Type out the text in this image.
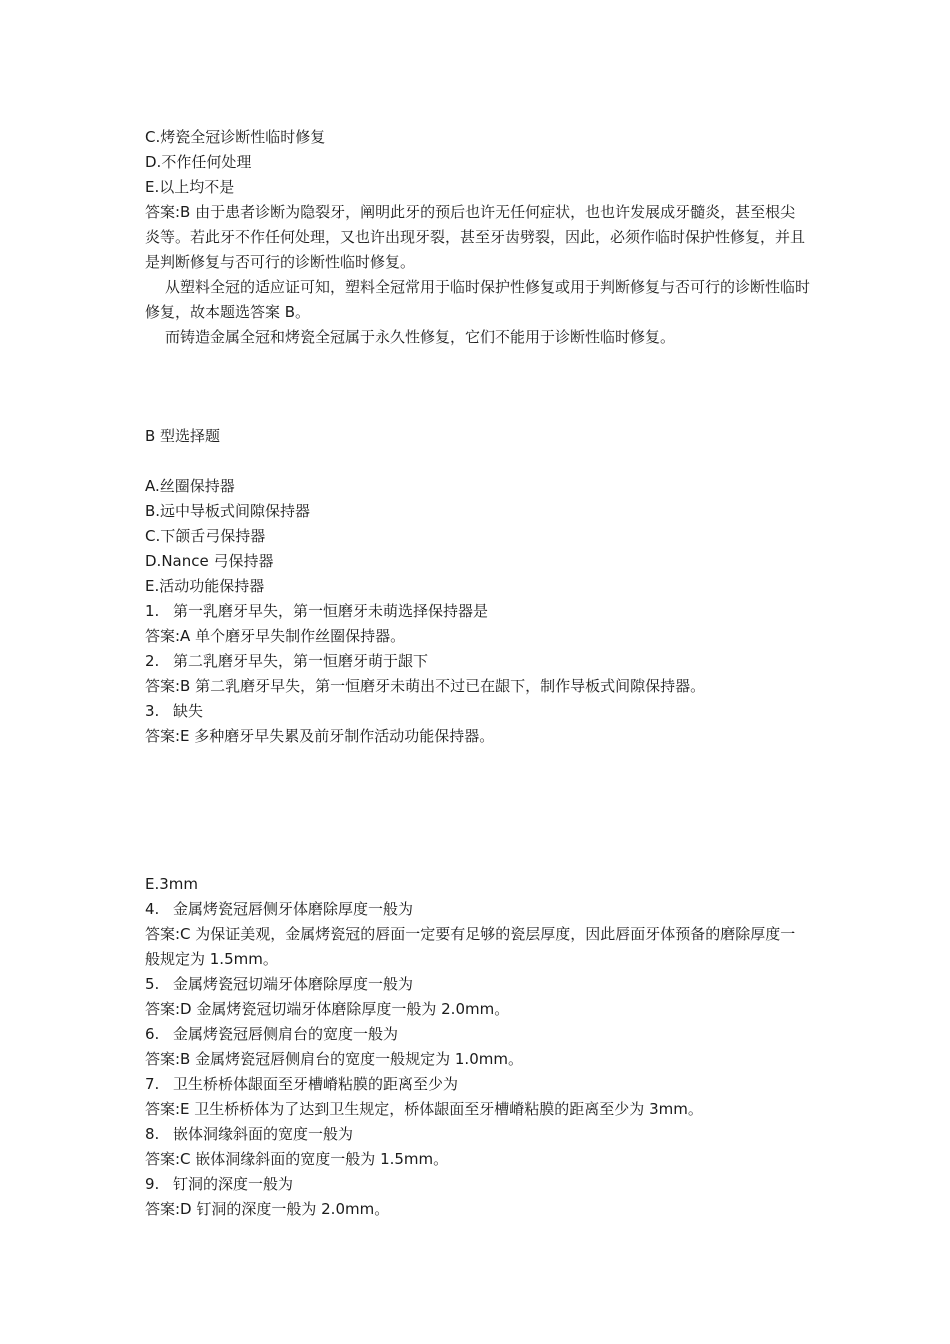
C.烤瓷全冠诊断性临时修复
D.不作任何处理
E.以上均不是
答案:B 由于患者诊断为隐裂牙，阐明此牙的预后也许无任何症状，也也许发展成牙髓炎，甚至根尖炎等。若此牙不作任何处理，又也许出现牙裂，甚至牙齿劈裂，因此，必须作临时保护性修复，并且是判断修复与否可行的诊断性临时修复。
从塑料全冠的适应证可知，塑料全冠常用于临时保护性修复或用于判断修复与否可行的诊断性临时修复，故本题选答案 B。
而铸造金属全冠和烤瓷全冠属于永久性修复，它们不能用于诊断性临时修复。
B 型选择题
A.丝圈保持器
B.远中导板式间隙保持器
C.下颌舌弓保持器
D.Nance 弓保持器
E.活动功能保持器
1. 第一乳磨牙早失，第一恒磨牙未萌选择保持器是
答案:A 单个磨牙早失制作丝圈保持器。
2. 第二乳磨牙早失，第一恒磨牙萌于龈下
答案:B 第二乳磨牙早失，第一恒磨牙未萌出不过已在龈下，制作导板式间隙保持器。
3. 缺失
答案:E 多种磨牙早失累及前牙制作活动功能保持器。
E.3mm
4. 金属烤瓷冠唇侧牙体磨除厚度一般为
答案:C 为保证美观，金属烤瓷冠的唇面一定要有足够的瓷层厚度，因此唇面牙体预备的磨除厚度一般规定为 1.5mm。
5. 金属烤瓷冠切端牙体磨除厚度一般为
答案:D 金属烤瓷冠切端牙体磨除厚度一般为 2.0mm。
6. 金属烤瓷冠唇侧肩台的宽度一般为
答案:B 金属烤瓷冠唇侧肩台的宽度一般规定为 1.0mm。
7. 卫生桥桥体龈面至牙槽嵴粘膜的距离至少为
答案:E 卫生桥桥体为了达到卫生规定，桥体龈面至牙槽嵴粘膜的距离至少为 3mm。
8. 嵌体洞缘斜面的宽度一般为
答案:C 嵌体洞缘斜面的宽度一般为 1.5mm。
9. 钉洞的深度一般为
答案:D 钉洞的深度一般为 2.0mm。
